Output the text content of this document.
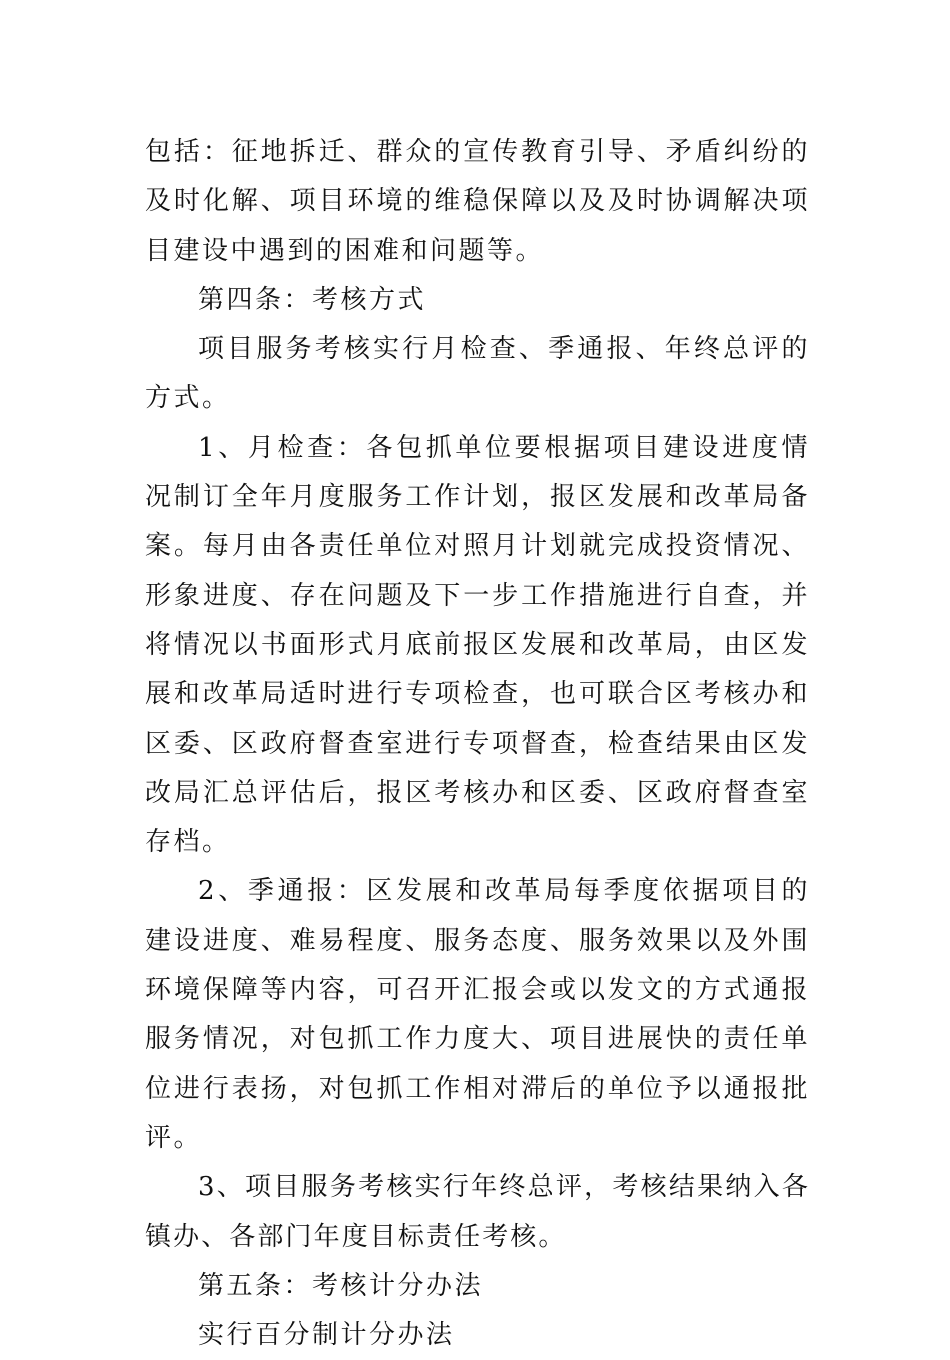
包括：征地拆迁、群众的宣传教育引导、矛盾纠纷的及时化解、项目环境的维稳保障以及及时协调解决项目建设中遇到的困难和问题等。

第四条：考核方式

项目服务考核实行月检查、季通报、年终总评的方式。

1、月检查：各包抓单位要根据项目建设进度情况制订全年月度服务工作计划，报区发展和改革局备案。每月由各责任单位对照月计划就完成投资情况、形象进度、存在问题及下一步工作措施进行自查，并将情况以书面形式月底前报区发展和改革局，由区发展和改革局适时进行专项检查，也可联合区考核办和区委、区政府督查室进行专项督查，检查结果由区发改局汇总评估后，报区考核办和区委、区政府督查室存档。

2、季通报：区发展和改革局每季度依据项目的建设进度、难易程度、服务态度、服务效果以及外围环境保障等内容，可召开汇报会或以发文的方式通报服务情况，对包抓工作力度大、项目进展快的责任单位进行表扬，对包抓工作相对滞后的单位予以通报批评。

3、项目服务考核实行年终总评，考核结果纳入各镇办、各部门年度目标责任考核。

第五条：考核计分办法

实行百分制计分办法
